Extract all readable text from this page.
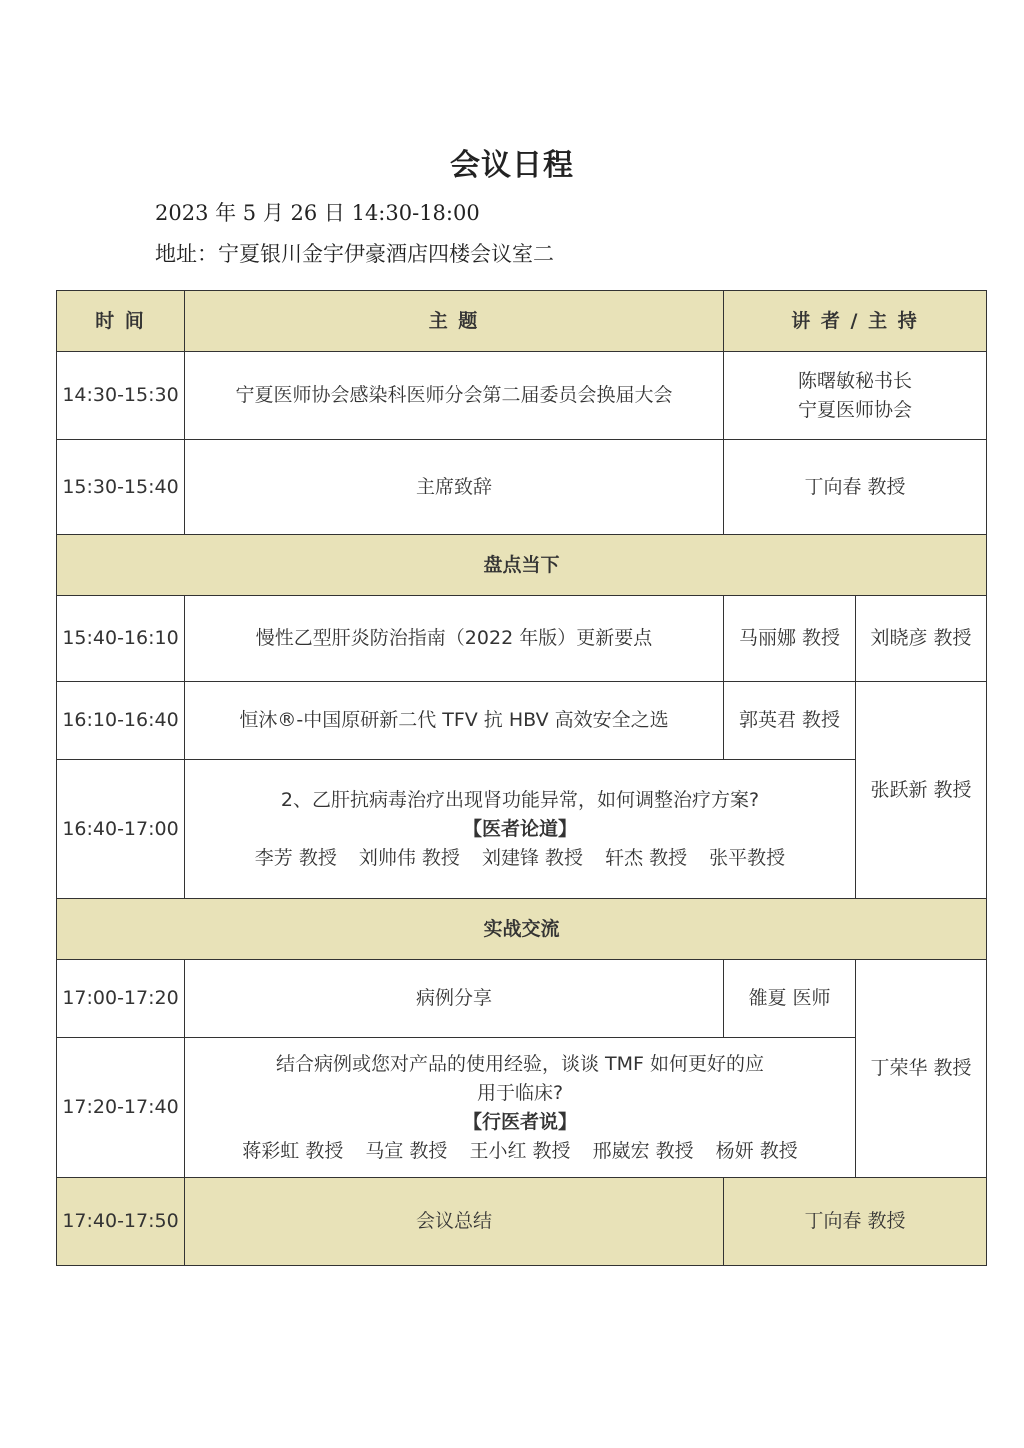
会议日程
2023 年 5 月 26 日 14:30-18:00
地址：宁夏银川金宇伊豪酒店四楼会议室二
时 间	主 题	讲 者 / 主 持	
14:30-15:30	宁夏医师协会感染科医师分会第二届委员会换届大会	陈曙敏秘书长
宁夏医师协会	

15:30-15:40	主席致辞	丁向春 教授	
盘点当下			
15:40-16:10	慢性乙型肝炎防治指南（2022 年版）更新要点	马丽娜 教授	刘晓彦 教授
16:10-16:40	恒沐®-中国原研新二代 TFV 抗 HBV 高效安全之选	郭英君 教授	张跃新 教授
16:40-17:00	2、乙肝抗病毒治疗出现肾功能异常，如何调整治疗方案?
【医者论道】
李芳 教授 刘帅伟 教授 刘建锋 教授 轩杰 教授 张平教授		

实战交流			
17:00-17:20	病例分享	雒夏 医师	丁荣华 教授
17:20-17:40	结合病例或您对产品的使用经验，谈谈 TMF 如何更好的应
用于临床?
【行医者说】
蒋彩虹 教授 马宣 教授 王小红 教授 邢崴宏 教授 杨妍 教授		

17:40-17:50	会议总结	丁向春 教授	
